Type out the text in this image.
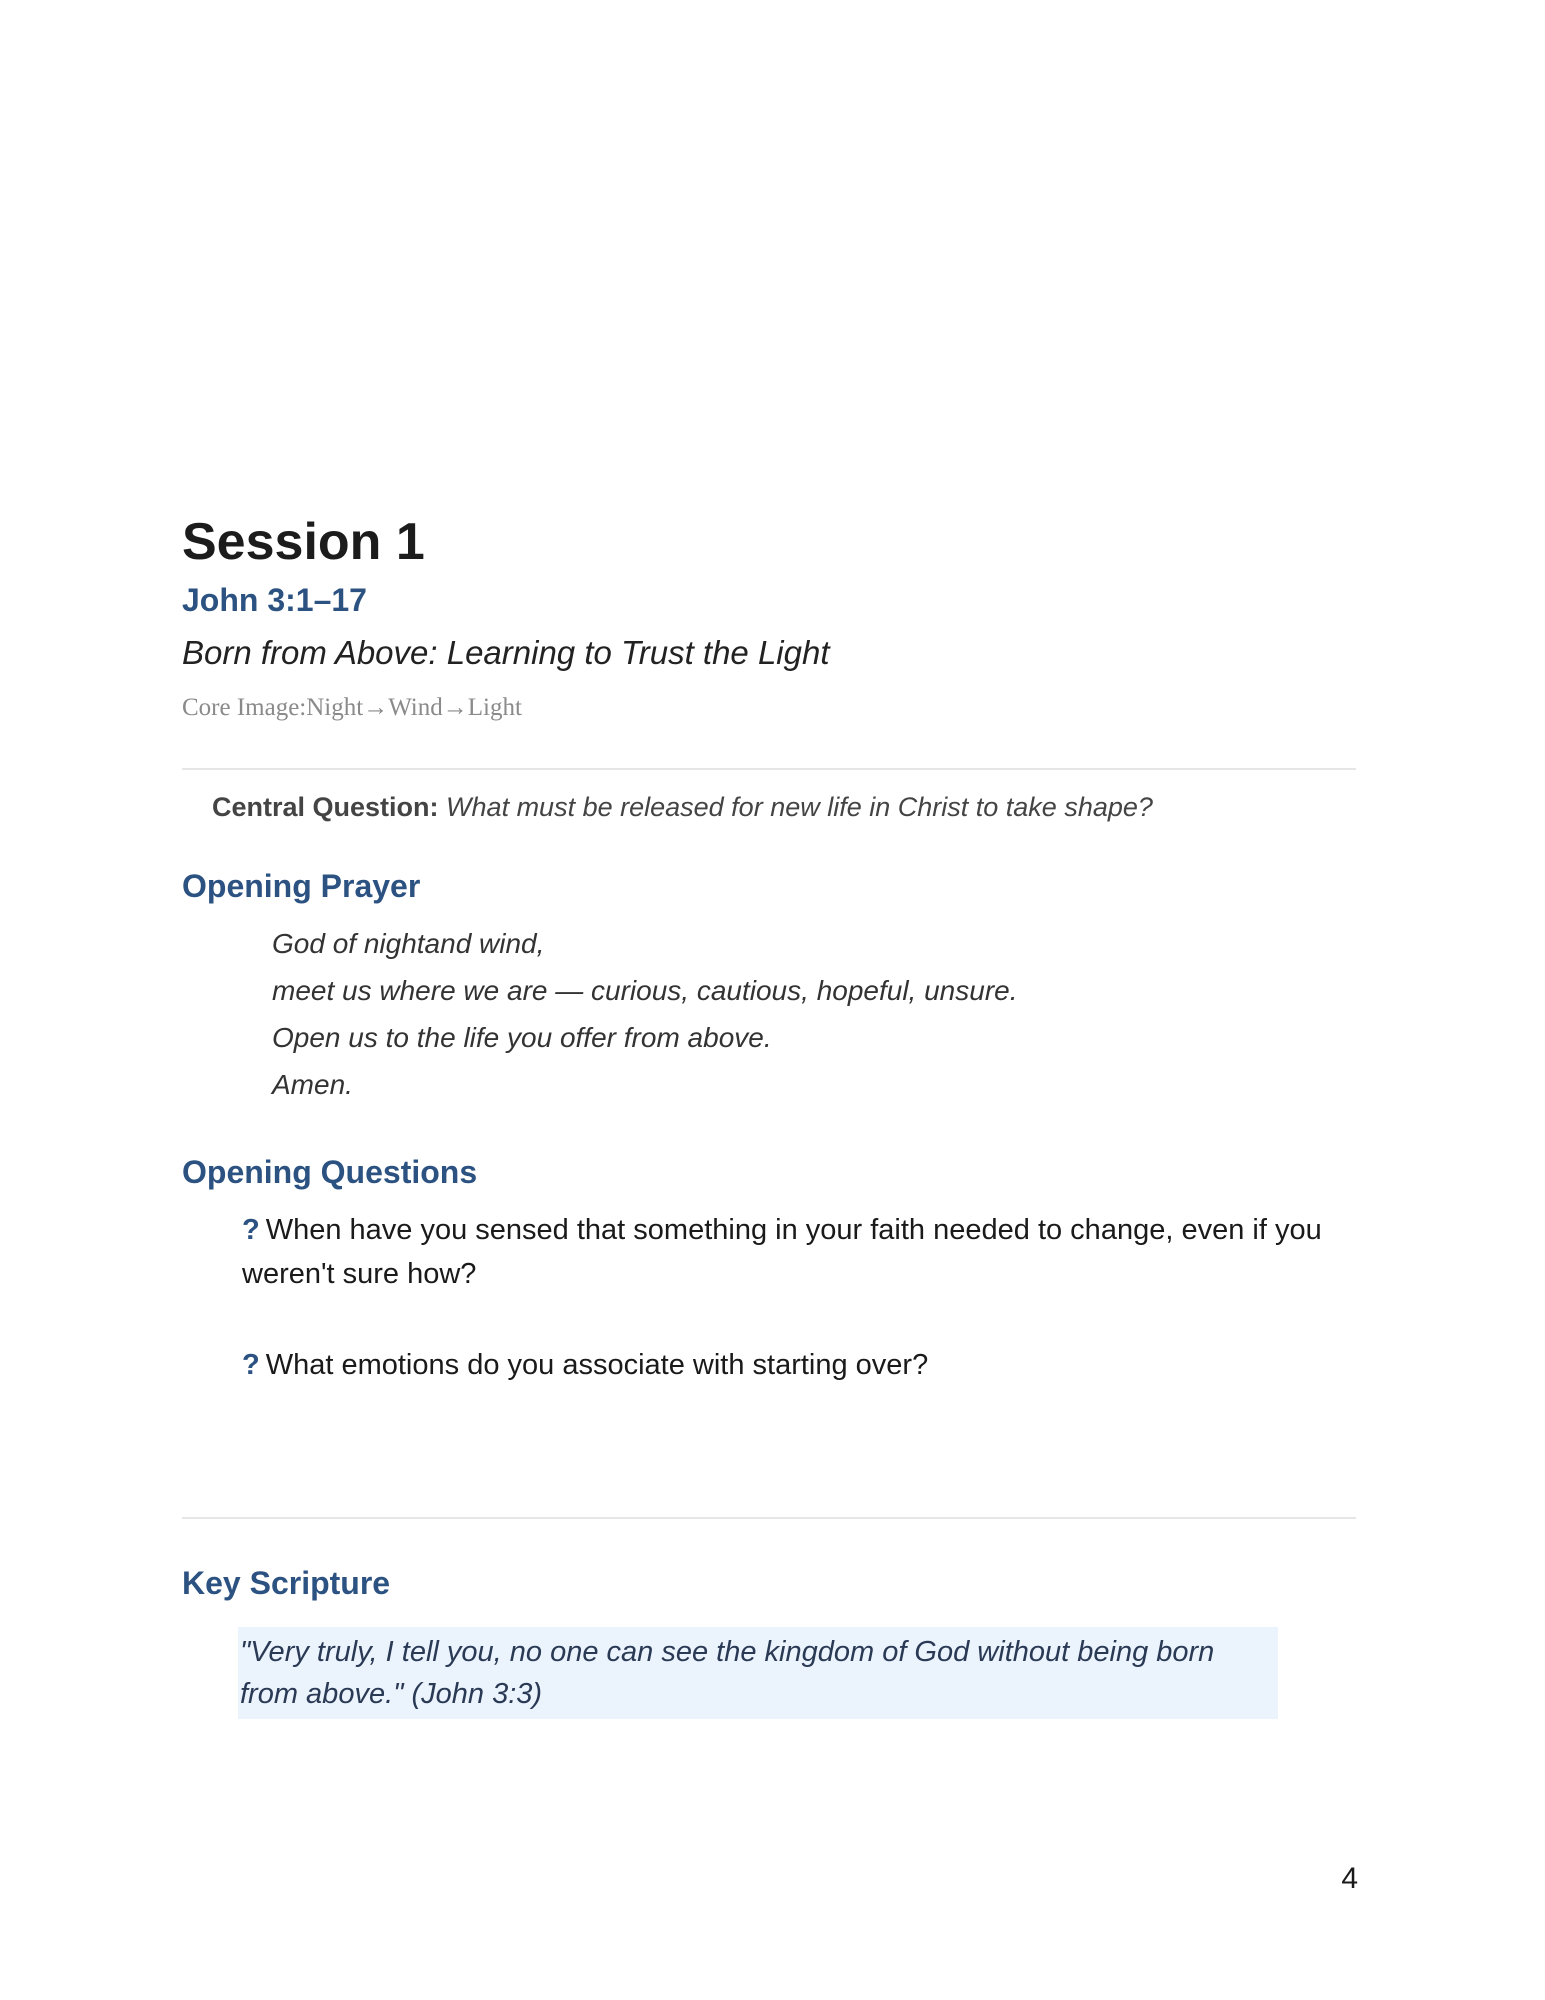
Session 1
John 3:1–17
Born from Above: Learning to Trust the Light
Core Image:Night→Wind→Light
Central Question: What must be released for new life in Christ to take shape?
Opening Prayer
God of nightand wind,
meet us where we are — curious, cautious, hopeful, unsure.
Open us to the life you offer from above.
Amen.
Opening Questions
? When have you sensed that something in your faith needed to change, even if you weren't sure how?
? What emotions do you associate with starting over?
Key Scripture
"Very truly, I tell you, no one can see the kingdom of God without being born from above." (John 3:3)
4
